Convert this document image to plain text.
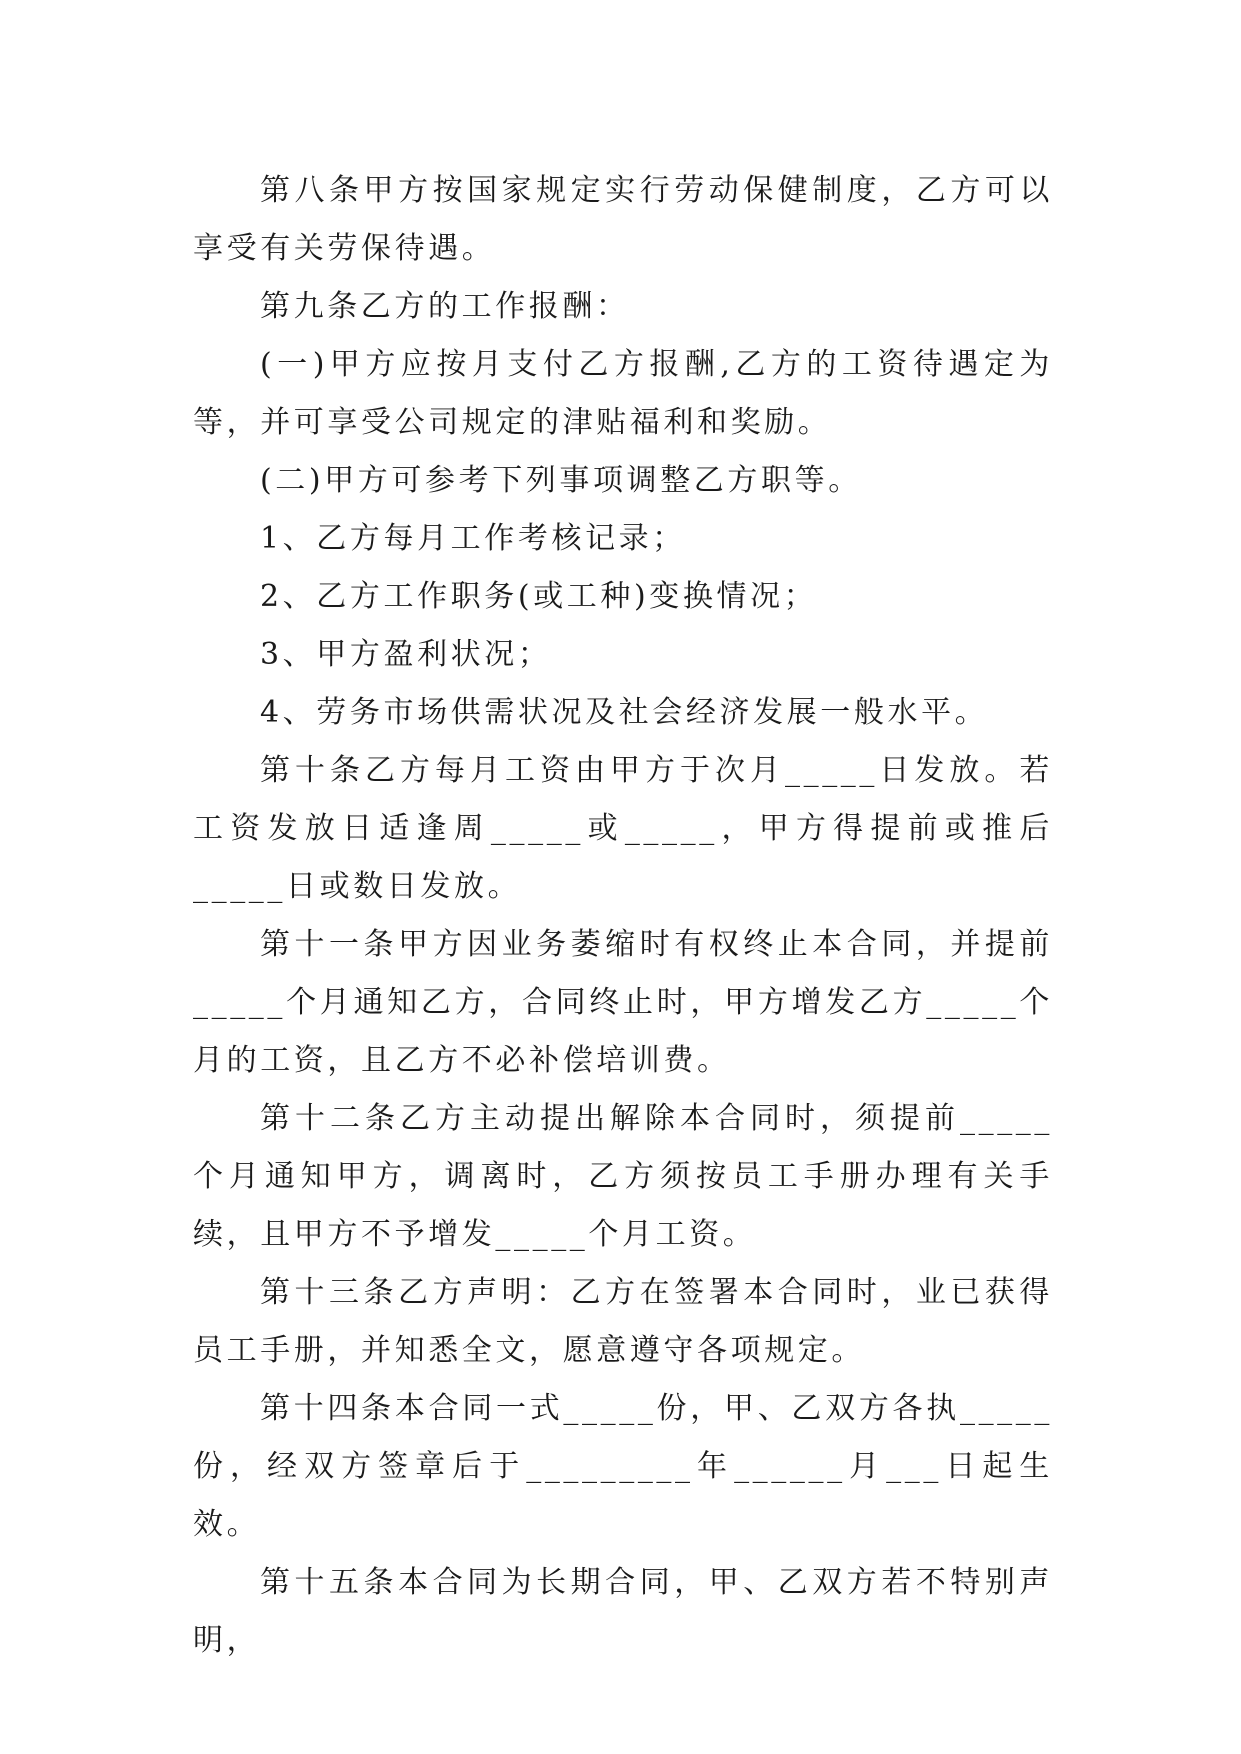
第八条甲方按国家规定实行劳动保健制度，乙方可以享受有关劳保待遇。

第九条乙方的工作报酬：

(一)甲方应按月支付乙方报酬,乙方的工资待遇定为等，并可享受公司规定的津贴福利和奖励。

(二)甲方可参考下列事项调整乙方职等。

1、乙方每月工作考核记录；

2、乙方工作职务(或工种)变换情况；

3、甲方盈利状况；

4、劳务市场供需状况及社会经济发展一般水平。

第十条乙方每月工资由甲方于次月_____日发放。若工资发放日适逢周_____或_____，甲方得提前或推后_____日或数日发放。

第十一条甲方因业务萎缩时有权终止本合同，并提前_____个月通知乙方，合同终止时，甲方增发乙方_____个月的工资，且乙方不必补偿培训费。

第十二条乙方主动提出解除本合同时，须提前_____个月通知甲方，调离时，乙方须按员工手册办理有关手续，且甲方不予增发_____个月工资。

第十三条乙方声明：乙方在签署本合同时，业已获得员工手册，并知悉全文，愿意遵守各项规定。

第十四条本合同一式_____份，甲、乙双方各执_____份，经双方签章后于_________年______月___日起生效。

第十五条本合同为长期合同，甲、乙双方若不特别声明，
